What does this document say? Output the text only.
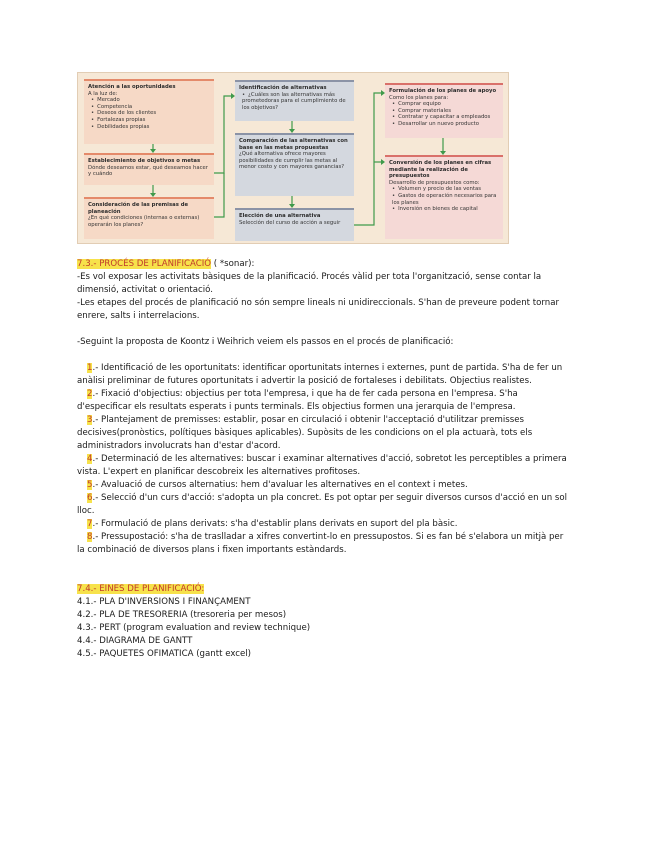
Atención a las oportunidades
A la luz de:
• Mercado
• Competencia
• Deseos de los clientes
• Fortalezas propias
• Debilidades propias
Establecimiento de objetivos o metas
Dónde deseamos estar, qué deseamos hacer y cuándo
Consideración de las premisas de planeación
¿En qué condiciones (internas o externas) operarán los planes?
Identificación de alternativas
• ¿Cuáles son las alternativas más prometedoras para el cumplimiento de los objetivos?
Comparación de las alternativas con base en las metas propuestas
¿Qué alternativa ofrece mayores posibilidades de cumplir las metas al menor costo y con mayores ganancias?
Elección de una alternativa
Selección del curso de acción a seguir
Formulación de los planes de apoyo
Como los planes para:
• Comprar equipo
• Comprar materiales
• Contratar y capacitar a empleados
• Desarrollar un nuevo producto
Conversión de los planes en cifras mediante la realización de presupuestos
Desarrollo de presupuestos como:
• Volumen y precio de las ventas
• Gastos de operación necesarios para los planes
• Inversión en bienes de capital

7.3.- PROCÉS DE PLANIFICACIÓ ( *sonar):

-Es vol exposar les activitats bàsiques de la planificació. Procés vàlid per tota l'organització, sense contar la dimensió, activitat o orientació.

-Les etapes del procés de planificació no són sempre lineals ni unidireccionals. S'han de preveure podent tornar enrere, salts i interrelacions.

-Seguint la proposta de Koontz i Weihrich veiem els passos en el procés de planificació:

1.- Identificació de les oportunitats: identificar oportunitats internes i externes, punt de partida. S'ha de fer un anàlisi preliminar de futures oportunitats i advertir la posició de fortaleses i debilitats. Objectius realistes.

2.- Fixació d'objectius: objectius per tota l'empresa, i que ha de fer cada persona en l'empresa. S'ha d'especificar els resultats esperats i punts terminals. Els objectius formen una jerarquia de l'empresa.

3.- Plantejament de premisses: establir, posar en circulació i obtenir l'acceptació d'utilitzar premisses decisives(pronòstics, polítiques bàsiques aplicables). Supòsits de les condicions on el pla actuarà, tots els administradors involucrats han d'estar d'acord.

4.- Determinació de les alternatives: buscar i examinar alternatives d'acció, sobretot les perceptibles a primera vista. L'expert en planificar descobreix les alternatives profitoses.

5.- Avaluació de cursos alternatius: hem d'avaluar les alternatives en el context i metes.

6.- Selecció d'un curs d'acció: s'adopta un pla concret. Es pot optar per seguir diversos cursos d'acció en un sol lloc.

7.- Formulació de plans derivats: s'ha d'establir plans derivats en suport del pla bàsic.

8.- Pressupostació: s'ha de traslladar a xifres convertint-lo en pressupostos. Si es fan bé s'elabora un mitjà per la combinació de diversos plans i fixen importants estàndards.

7.4.- EINES DE PLANIFICACIÓ:

4.1.- PLA D'INVERSIONS I FINANÇAMENT

4.2.- PLA DE TRESORERIA (tresoreria per mesos)

4.3.- PERT (program evaluation and review technique)

4.4.- DIAGRAMA DE GANTT

4.5.- PAQUETES OFIMATICA (gantt excel)
